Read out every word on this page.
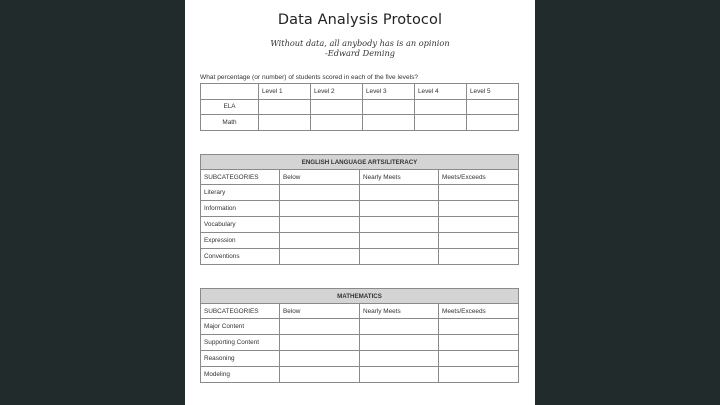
Data Analysis Protocol
Without data, all anybody has is an opinion
-Edward Deming
What percentage (or number) of students scored in each of the five levels?
	Level 1	Level 2	Level 3	Level 4	Level 5
ELA					
Math					
ENGLISH LANGUAGE ARTS/LITERACY			
SUBCATEGORIES	Below	Nearly Meets	Meets/Exceeds
Literary			
Information			
Vocabulary			
Expression			
Conventions			
MATHEMATICS			
SUBCATEGORIES	Below	Nearly Meets	Meets/Exceeds
Major Content			
Supporting Content			
Reasoning			
Modeling			
